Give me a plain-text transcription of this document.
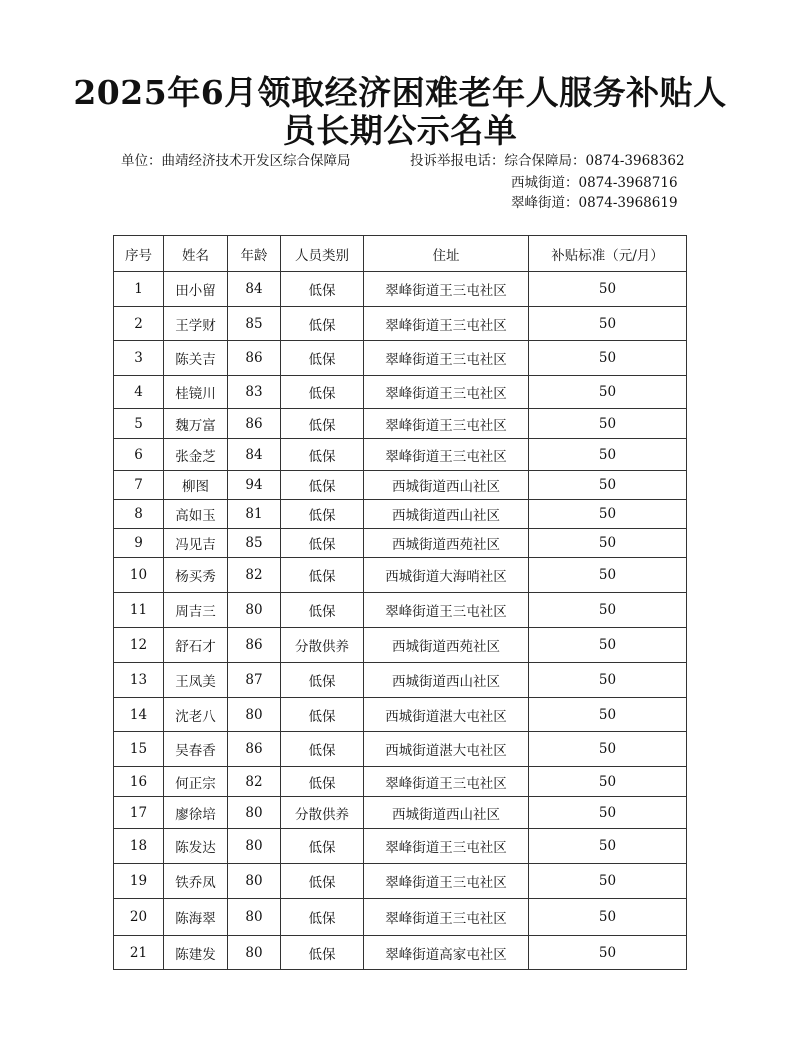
2025年6月领取经济困难老年人服务补贴人
员长期公示名单
单位：曲靖经济技术开发区综合保障局	投诉举报电话：综合保障局：0874-3968362
西城街道：0874-3968716
翠峰街道：0874-3968619
序号	姓名	年龄	人员类别	住址	补贴标准（元/月）
1	田小留	84	低保	翠峰街道王三屯社区	50
2	王学财	85	低保	翠峰街道王三屯社区	50
3	陈关吉	86	低保	翠峰街道王三屯社区	50
4	桂镜川	83	低保	翠峰街道王三屯社区	50
5	魏万富	86	低保	翠峰街道王三屯社区	50
6	张金芝	84	低保	翠峰街道王三屯社区	50
7	柳图	94	低保	西城街道西山社区	50
8	高如玉	81	低保	西城街道西山社区	50
9	冯见吉	85	低保	西城街道西苑社区	50
10	杨买秀	82	低保	西城街道大海哨社区	50
11	周吉三	80	低保	翠峰街道王三屯社区	50
12	舒石才	86	分散供养	西城街道西苑社区	50
13	王凤美	87	低保	西城街道西山社区	50
14	沈老八	80	低保	西城街道湛大屯社区	50
15	吴春香	86	低保	西城街道湛大屯社区	50
16	何正宗	82	低保	翠峰街道王三屯社区	50
17	廖徐培	80	分散供养	西城街道西山社区	50
18	陈发达	80	低保	翠峰街道王三屯社区	50
19	铁乔凤	80	低保	翠峰街道王三屯社区	50
20	陈海翠	80	低保	翠峰街道王三屯社区	50
21	陈建发	80	低保	翠峰街道高家屯社区	50
